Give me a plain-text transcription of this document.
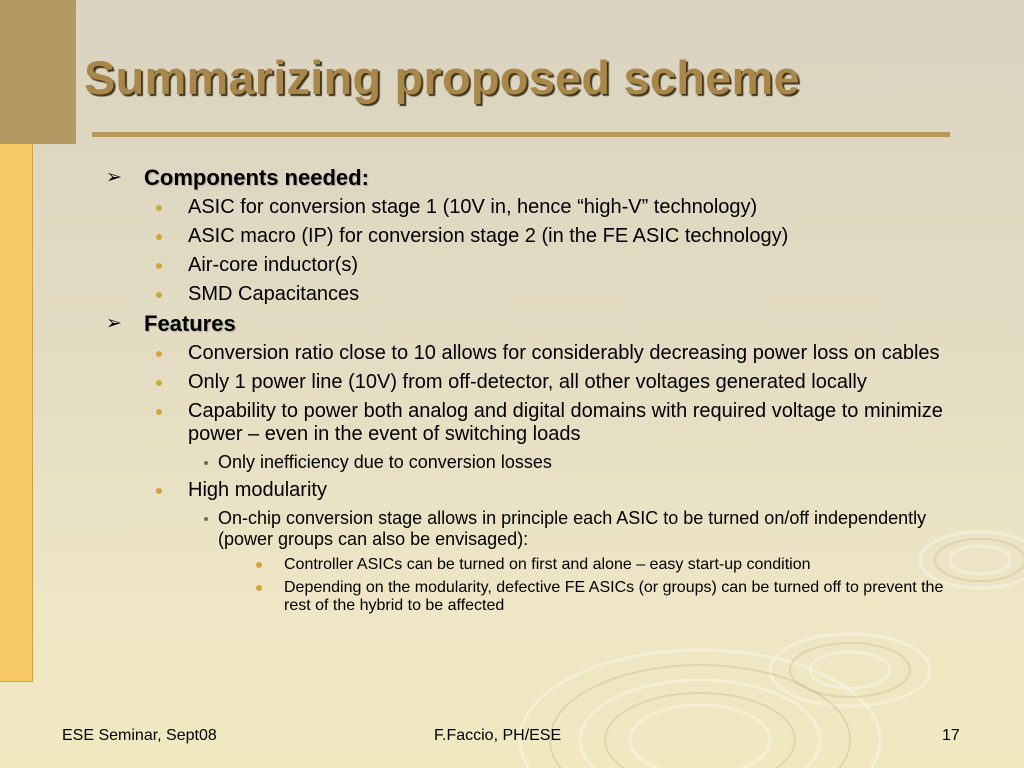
Summarizing proposed scheme
➢ Components needed:
ASIC for conversion stage 1 (10V in, hence “high-V” technology)
ASIC macro (IP) for conversion stage 2 (in the FE ASIC technology)
Air-core inductor(s)
SMD Capacitances
➢ Features
Conversion ratio close to 10 allows for considerably decreasing power loss on cables
Only 1 power line (10V) from off-detector, all other voltages generated locally
Capability to power both analog and digital domains with required voltage to minimize power – even in the event of switching loads
Only inefficiency due to conversion losses
High modularity
On-chip conversion stage allows in principle each ASIC to be turned on/off independently (power groups can also be envisaged):
Controller ASICs can be turned on first and alone – easy start-up condition
Depending on the modularity, defective FE ASICs (or groups) can be turned off to prevent the rest of the hybrid to be affected
ESE Seminar, Sept08	F.Faccio, PH/ESE	17
